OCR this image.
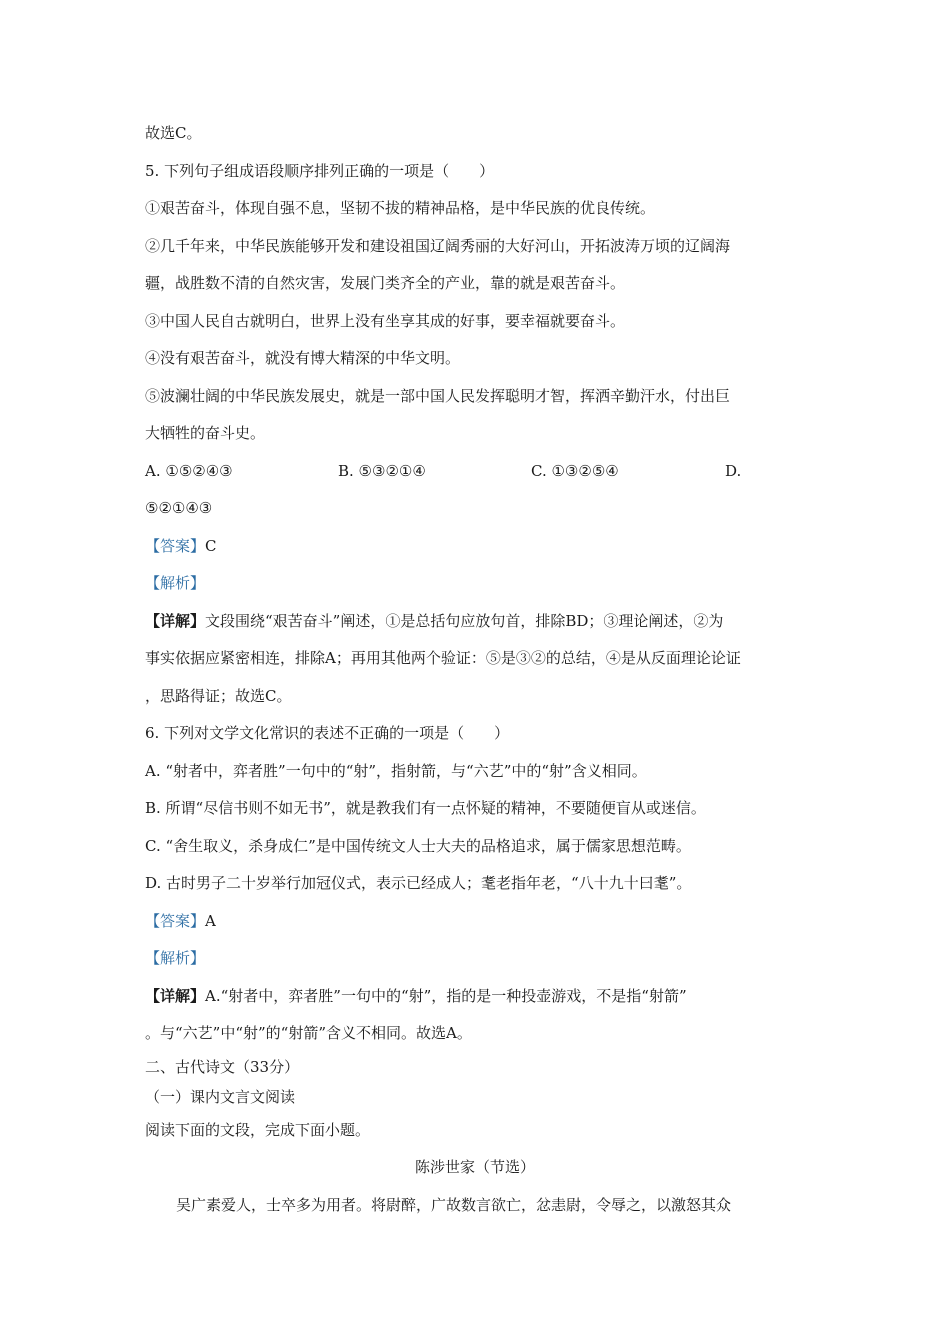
故选C。
5. 下列句子组成语段顺序排列正确的一项是（　　）
①艰苦奋斗，体现自强不息，坚韧不拔的精神品格，是中华民族的优良传统。
②几千年来，中华民族能够开发和建设祖国辽阔秀丽的大好河山，开拓波涛万顷的辽阔海
疆，战胜数不清的自然灾害，发展门类齐全的产业，靠的就是艰苦奋斗。
③中国人民自古就明白，世界上没有坐享其成的好事，要幸福就要奋斗。
④没有艰苦奋斗，就没有博大精深的中华文明。
⑤波澜壮阔的中华民族发展史，就是一部中国人民发挥聪明才智，挥洒辛勤汗水，付出巨
大牺牲的奋斗史。
A. ①⑤②④③	B. ⑤③②①④	C. ①③②⑤④	D.
⑤②①④③
【答案】C
【解析】
【详解】文段围绕“艰苦奋斗”阐述，①是总括句应放句首，排除BD；③理论阐述，②为
事实依据应紧密相连，排除A；再用其他两个验证：⑤是③②的总结，④是从反面理论论证
，思路得证；故选C。
6. 下列对文学文化常识的表述不正确的一项是（　　）
A. “射者中，弈者胜”一句中的“射”，指射箭，与“六艺”中的“射”含义相同。
B. 所谓“尽信书则不如无书”，就是教我们有一点怀疑的精神，不要随便盲从或迷信。
C. “舍生取义，杀身成仁”是中国传统文人士大夫的品格追求，属于儒家思想范畴。
D. 古时男子二十岁举行加冠仪式，表示已经成人；耄老指年老，“八十九十曰耄”。
【答案】A
【解析】
【详解】A.“射者中，弈者胜”一句中的“射”，指的是一种投壶游戏，不是指“射箭”
。与“六艺”中“射”的“射箭”含义不相同。故选A。
二、古代诗文（33分）
（一）课内文言文阅读
阅读下面的文段，完成下面小题。
陈涉世家（节选）
吴广素爱人，士卒多为用者。将尉醉，广故数言欲亡，忿恚尉，令辱之，以激怒其众
